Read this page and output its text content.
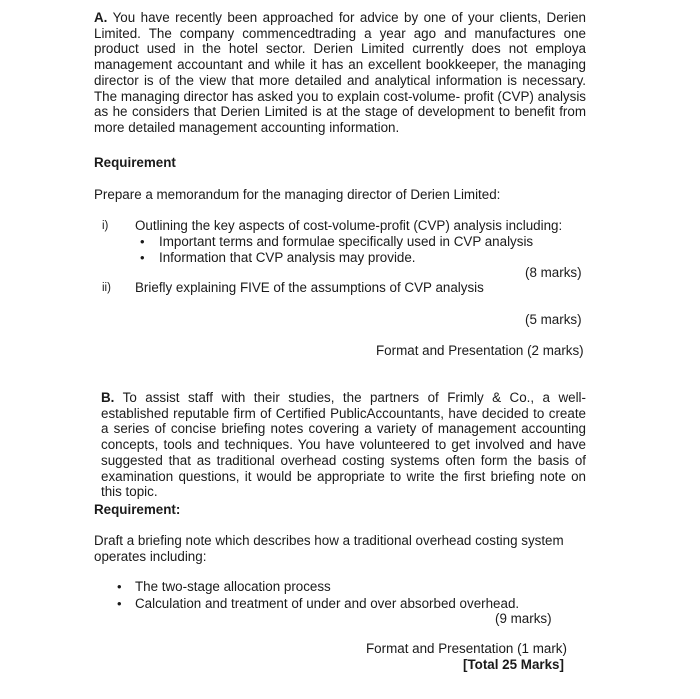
A. You have recently been approached for advice by one of your clients, Derien Limited. The company commencedtrading a year ago and manufactures one product used in the hotel sector. Derien Limited currently does not employa management accountant and while it has an excellent bookkeeper, the managing director is of the view that more detailed and analytical information is necessary. The managing director has asked you to explain cost-volume- profit (CVP) analysis as he considers that Derien Limited is at the stage of development to benefit from more detailed management accounting information.

Requirement
Prepare a memorandum for the managing director of Derien Limited:
i) Outlining the key aspects of cost-volume-profit (CVP) analysis including:
• Important terms and formulae specifically used in CVP analysis
• Information that CVP analysis may provide.
(8 marks)
ii) Briefly explaining FIVE of the assumptions of CVP analysis
(5 marks)
Format and Presentation (2 marks)

B. To assist staff with their studies, the partners of Frimly & Co., a well-established reputable firm of Certified PublicAccountants, have decided to create a series of concise briefing notes covering a variety of management accounting concepts, tools and techniques. You have volunteered to get involved and have suggested that as traditional overhead costing systems often form the basis of examination questions, it would be appropriate to write the first briefing note on this topic.

Requirement:

Draft a briefing note which describes how a traditional overhead costing system operates including:

• The two-stage allocation process
• Calculation and treatment of under and over absorbed overhead.
(9 marks)
Format and Presentation (1 mark)
[Total 25 Marks]
